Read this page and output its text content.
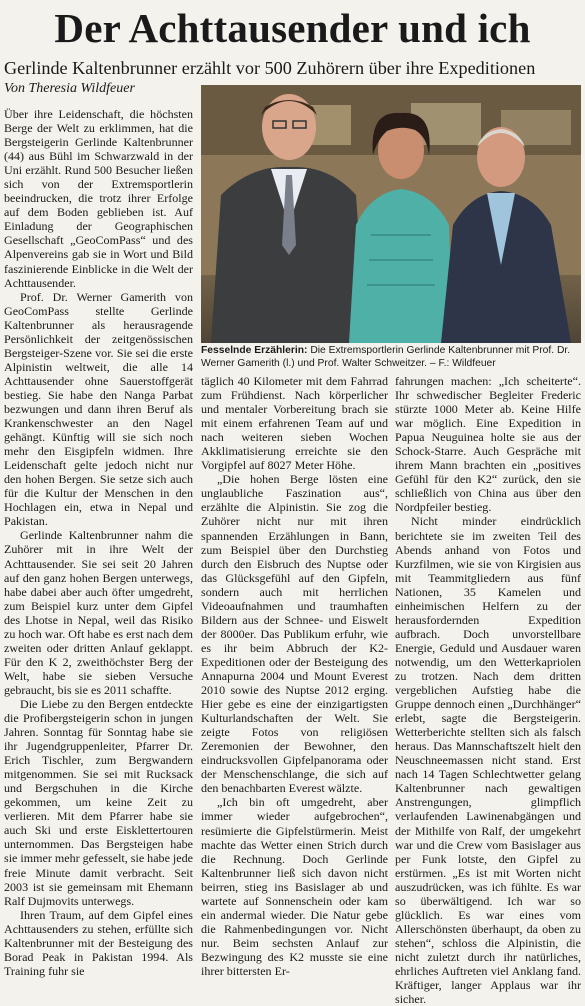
Der Achttausender und ich
Gerlinde Kaltenbrunner erzählt vor 500 Zuhörern über ihre Expeditionen
Von Theresia Wildfeuer
Fesselnde Erzählerin: Die Extremsportlerin Gerlinde Kaltenbrunner mit Prof. Dr. Werner Gamerith (l.) und Prof. Walter Schweitzer. – F.: Wildfeuer

Über ihre Leidenschaft, die höchsten Berge der Welt zu erklimmen, hat die Bergsteigerin Gerlinde Kaltenbrunner (44) aus Bühl im Schwarzwald in der Uni erzählt. Rund 500 Besucher ließen sich von der Extremsportlerin beeindrucken, die trotz ihrer Erfolge auf dem Boden geblieben ist. Auf Einladung der Geographischen Gesellschaft „GeoComPass“ und des Alpenvereins gab sie in Wort und Bild faszinierende Einblicke in die Welt der Achttausender.

Prof. Dr. Werner Gamerith von GeoComPass stellte Gerlinde Kaltenbrunner als herausragende Persönlichkeit der zeitgenössischen Bergsteiger-Szene vor. Sie sei die erste Alpinistin weltweit, die alle 14 Achttausender ohne Sauerstoffgerät bestieg. Sie habe den Nanga Parbat bezwungen und dann ihren Beruf als Krankenschwester an den Nagel gehängt. Künftig will sie sich noch mehr den Eisgipfeln widmen. Ihre Leidenschaft gelte jedoch nicht nur den hohen Bergen. Sie setze sich auch für die Kultur der Menschen in den Hochlagen ein, etwa in Nepal und Pakistan.

Gerlinde Kaltenbrunner nahm die Zuhörer mit in ihre Welt der Achttausender. Sie sei seit 20 Jahren auf den ganz hohen Bergen unterwegs, habe dabei aber auch öfter umgedreht, zum Beispiel kurz unter dem Gipfel des Lhotse in Nepal, weil das Risiko zu hoch war. Oft habe es erst nach dem zweiten oder dritten Anlauf geklappt. Für den K 2, zweithöchster Berg der Welt, habe sie sieben Versuche gebraucht, bis sie es 2011 schaffte.

Die Liebe zu den Bergen entdeckte die Profibergsteigerin schon in jungen Jahren. Sonntag für Sonntag habe sie ihr Jugendgruppenleiter, Pfarrer Dr. Erich Tischler, zum Bergwandern mitgenommen. Sie sei mit Rucksack und Bergschuhen in die Kirche gekommen, um keine Zeit zu verlieren. Mit dem Pfarrer habe sie auch Ski und erste Eisklettertouren unternommen. Das Bergsteigen habe sie immer mehr gefesselt, sie habe jede freie Minute damit verbracht. Seit 2003 ist sie gemeinsam mit Ehemann Ralf Dujmovits unterwegs.

Ihren Traum, auf dem Gipfel eines Achttausenders zu stehen, erfüllte sich Kaltenbrunner mit der Besteigung des Borad Peak in Pakistan 1994. Als Training fuhr sie

täglich 40 Kilometer mit dem Fahrrad zum Frühdienst. Nach körperlicher und mentaler Vorbereitung brach sie mit einem erfahrenen Team auf und nach weiteren sieben Wochen Akklimatisierung erreichte sie den Vorgipfel auf 8027 Meter Höhe.

„Die hohen Berge lösten eine unglaubliche Faszination aus“, erzählte die Alpinistin. Sie zog die Zuhörer nicht nur mit ihren spannenden Erzählungen in Bann, zum Beispiel über den Durchstieg durch den Eisbruch des Nuptse oder das Glücksgefühl auf den Gipfeln, sondern auch mit herrlichen Videoaufnahmen und traumhaften Bildern aus der Schnee- und Eiswelt der 8000er. Das Publikum erfuhr, wie es ihr beim Abbruch der K2-Expeditionen oder der Besteigung des Annapurna 2004 und Mount Everest 2010 sowie des Nuptse 2012 erging. Hier gebe es eine der einzigartigsten Kulturlandschaften der Welt. Sie zeigte Fotos von religiösen Zeremonien der Bewohner, den eindrucksvollen Gipfelpanorama oder der Menschenschlange, die sich auf den benachbarten Everest wälzte.

„Ich bin oft umgedreht, aber immer wieder aufgebrochen“, resümierte die Gipfelstürmerin. Meist machte das Wetter einen Strich durch die Rechnung. Doch Gerlinde Kaltenbrunner ließ sich davon nicht beirren, stieg ins Basislager ab und wartete auf Sonnenschein oder kam ein andermal wieder. Die Natur gebe die Rahmenbedingungen vor. Nicht nur. Beim sechsten Anlauf zur Bezwingung des K2 musste sie eine ihrer bittersten Er-

fahrungen machen: „Ich scheiterte“. Ihr schwedischer Begleiter Frederic stürzte 1000 Meter ab. Keine Hilfe war möglich. Eine Expedition in Papua Neuguinea holte sie aus der Schock-Starre. Auch Gespräche mit ihrem Mann brachten ein „positives Gefühl für den K2“ zurück, den sie schließlich von China aus über den Nordpfeiler bestieg.

Nicht minder eindrücklich berichtete sie im zweiten Teil des Abends anhand von Fotos und Kurzfilmen, wie sie von Kirgisien aus mit Teammitgliedern aus fünf Nationen, 35 Kamelen und einheimischen Helfern zu der herausfordernden Expedition aufbrach. Doch unvorstellbare Energie, Geduld und Ausdauer waren notwendig, um den Wetterkapriolen zu trotzen. Nach dem dritten vergeblichen Aufstieg habe die Gruppe dennoch einen „Durchhänger“ erlebt, sagte die Bergsteigerin. Wetterberichte stellten sich als falsch heraus. Das Mannschaftszelt hielt den Neuschneemassen nicht stand. Erst nach 14 Tagen Schlechtwetter gelang Kaltenbrunner nach gewaltigen Anstrengungen, glimpflich verlaufenden Lawinenabgängen und der Mithilfe von Ralf, der umgekehrt war und die Crew vom Basislager aus per Funk lotste, den Gipfel zu erstürmen. „Es ist mit Worten nicht auszudrücken, was ich fühlte. Es war so überwältigend. Ich war so glücklich. Es war eines vom Allerschönsten überhaupt, da oben zu stehen“, schloss die Alpinistin, die nicht zuletzt durch ihr natürliches, ehrliches Auftreten viel Anklang fand. Kräftiger, langer Applaus war ihr sicher.
